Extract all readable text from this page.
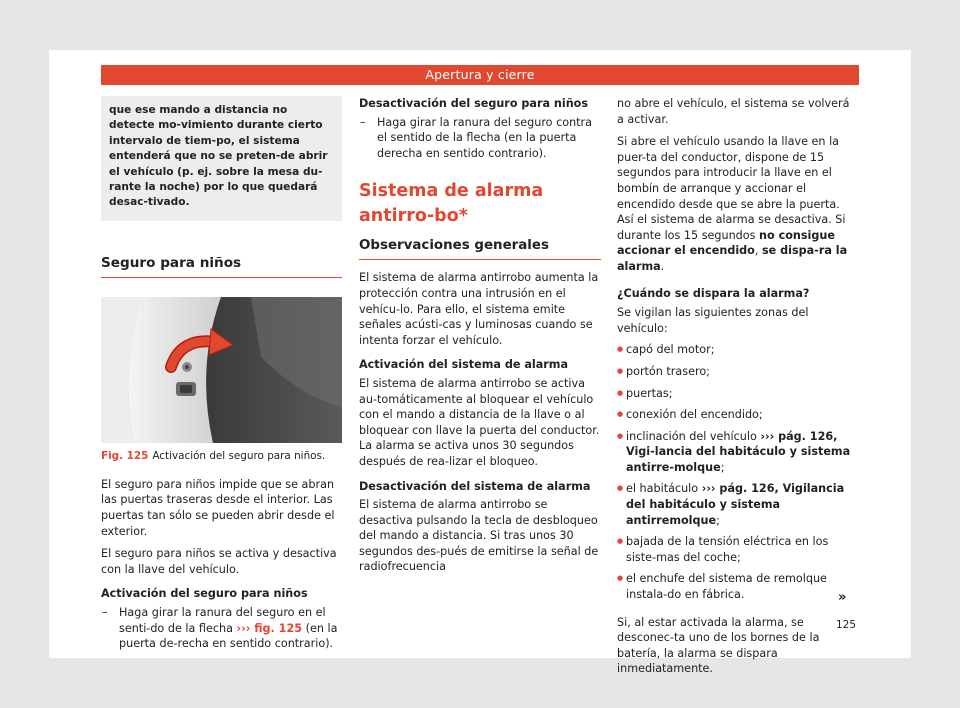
Apertura y cierre
que ese mando a distancia no detecte mo-vimiento durante cierto intervalo de tiem-po, el sistema entenderá que no se preten-de abrir el vehículo (p. ej. sobre la mesa du-rante la noche) por lo que quedará desac-tivado.
Seguro para niños
6JA-0339
Fig. 125 Activación del seguro para niños.

El seguro para niños impide que se abran las puertas traseras desde el interior. Las puertas tan sólo se pueden abrir desde el exterior.

El seguro para niños se activa y desactiva con la llave del vehículo.

Activación del seguro para niños
– Haga girar la ranura del seguro en el senti-do de la flecha ››› fig. 125 (en la puerta de-recha en sentido contrario).
Desactivación del seguro para niños
– Haga girar la ranura del seguro contra el sentido de la flecha (en la puerta derecha en sentido contrario).
Sistema de alarma antirro-bo*
Observaciones generales

El sistema de alarma antirrobo aumenta la protección contra una intrusión en el vehícu-lo. Para ello, el sistema emite señales acústi-cas y luminosas cuando se intenta forzar el vehículo.

Activación del sistema de alarma

El sistema de alarma antirrobo se activa au-tomáticamente al bloquear el vehículo con el mando a distancia de la llave o al bloquear con llave la puerta del conductor. La alarma se activa unos 30 segundos después de rea-lizar el bloqueo.

Desactivación del sistema de alarma

El sistema de alarma antirrobo se desactiva pulsando la tecla de desbloqueo del mando a distancia. Si tras unos 30 segundos des-pués de emitirse la señal de radiofrecuencia

no abre el vehículo, el sistema se volverá a activar.

Si abre el vehículo usando la llave en la puer-ta del conductor, dispone de 15 segundos para introducir la llave en el bombín de arranque y accionar el encendido desde que se abre la puerta. Así el sistema de alarma se desactiva. Si durante los 15 segundos no consigue accionar el encendido, se dispa-ra la alarma.

¿Cuándo se dispara la alarma?

Se vigilan las siguientes zonas del vehículo:

● capó del motor;
● portón trasero;
● puertas;
● conexión del encendido;
● inclinación del vehículo ››› pág. 126, Vigi-lancia del habitáculo y sistema antirre-molque;
● el habitáculo ››› pág. 126, Vigilancia del habitáculo y sistema antirremolque;
● bajada de la tensión eléctrica en los siste-mas del coche;
● el enchufe del sistema de remolque instala-do en fábrica.

Si, al estar activada la alarma, se desconec-ta uno de los bornes de la batería, la alarma se dispara inmediatamente.

»
125
